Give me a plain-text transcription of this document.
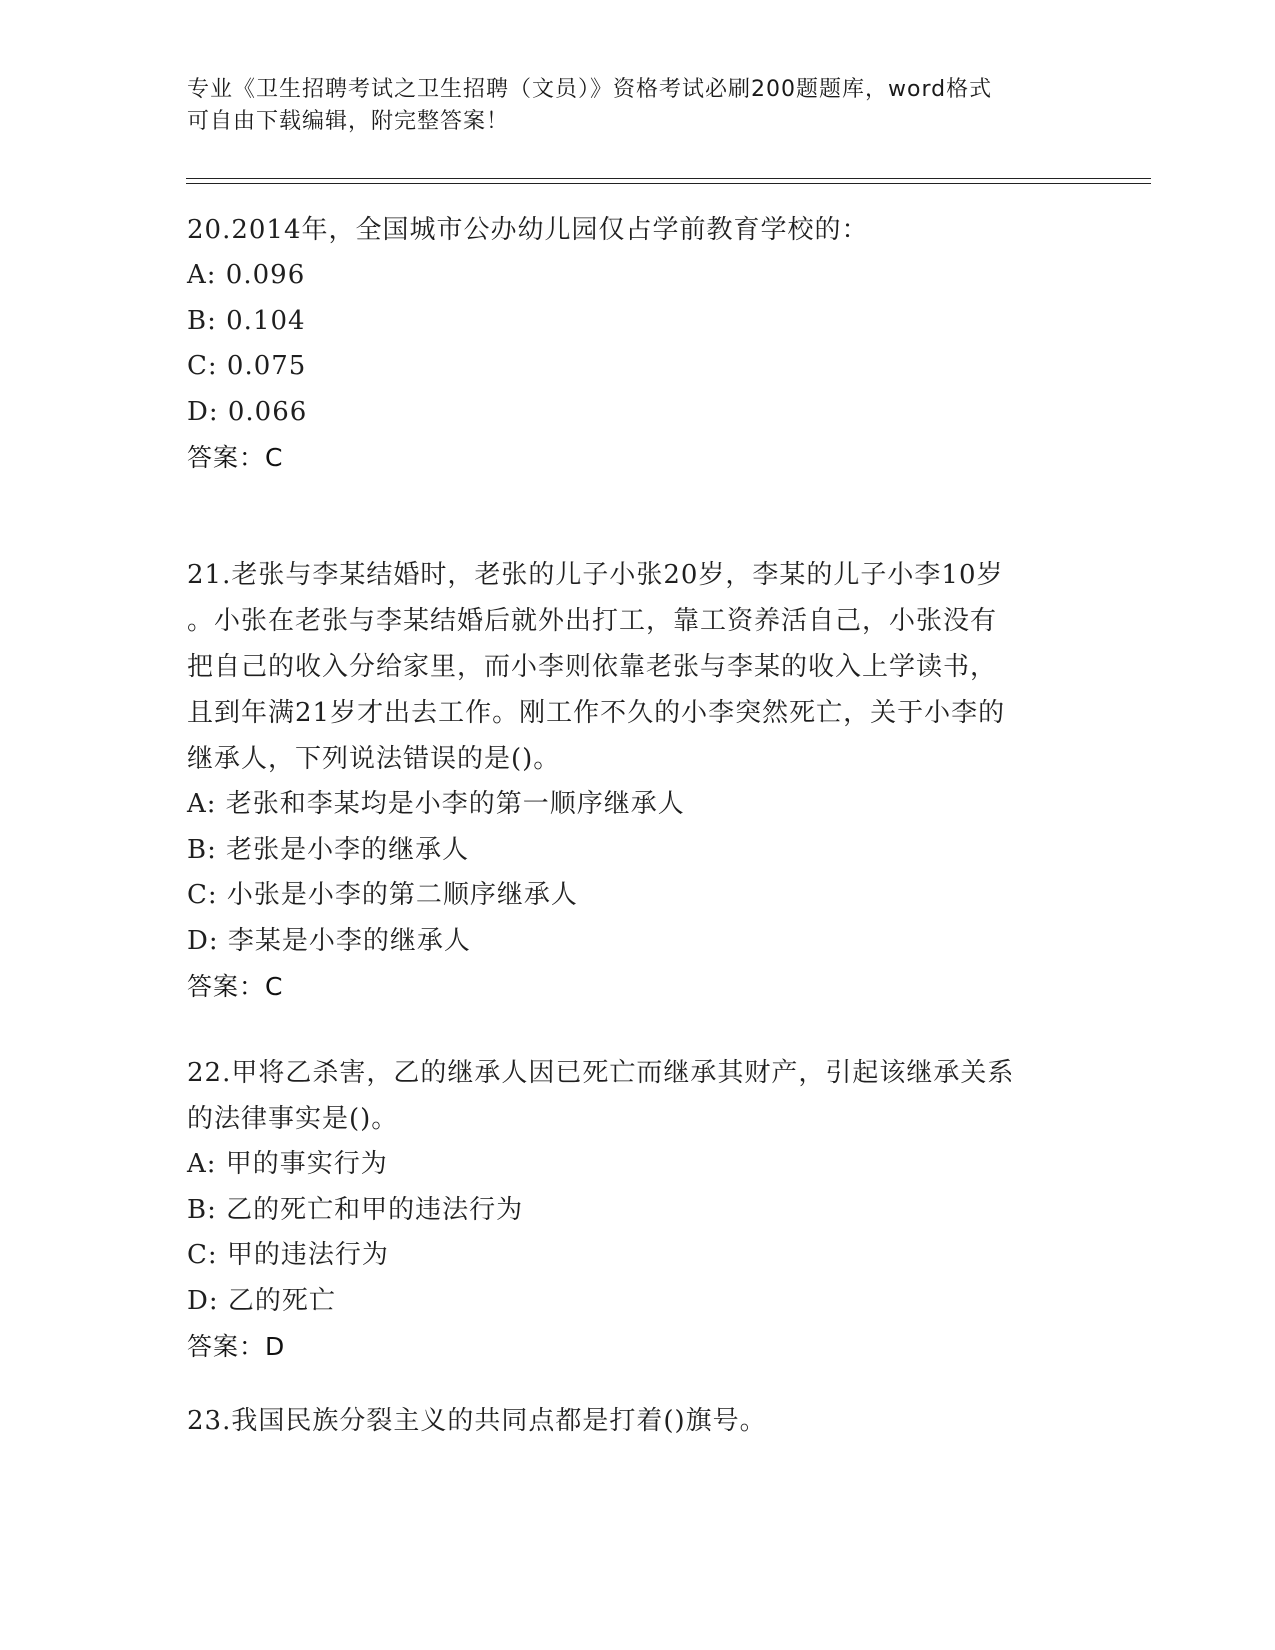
专业《卫生招聘考试之卫生招聘（文员）》资格考试必刷200题题库，word格式
可自由下载编辑，附完整答案！

20.2014年，全国城市公办幼儿园仅占学前教育学校的：

A: 0.096

B: 0.104

C: 0.075

D: 0.066

答案：C

21.老张与李某结婚时，老张的儿子小张20岁，李某的儿子小李10岁

。小张在老张与李某结婚后就外出打工，靠工资养活自己，小张没有

把自己的收入分给家里，而小李则依靠老张与李某的收入上学读书，

且到年满21岁才出去工作。刚工作不久的小李突然死亡，关于小李的

继承人，下列说法错误的是()。

A: 老张和李某均是小李的第一顺序继承人

B: 老张是小李的继承人

C: 小张是小李的第二顺序继承人

D: 李某是小李的继承人

答案：C

22.甲将乙杀害，乙的继承人因已死亡而继承其财产，引起该继承关系

的法律事实是()。

A: 甲的事实行为

B: 乙的死亡和甲的违法行为

C: 甲的违法行为

D: 乙的死亡

答案：D

23.我国民族分裂主义的共同点都是打着()旗号。
